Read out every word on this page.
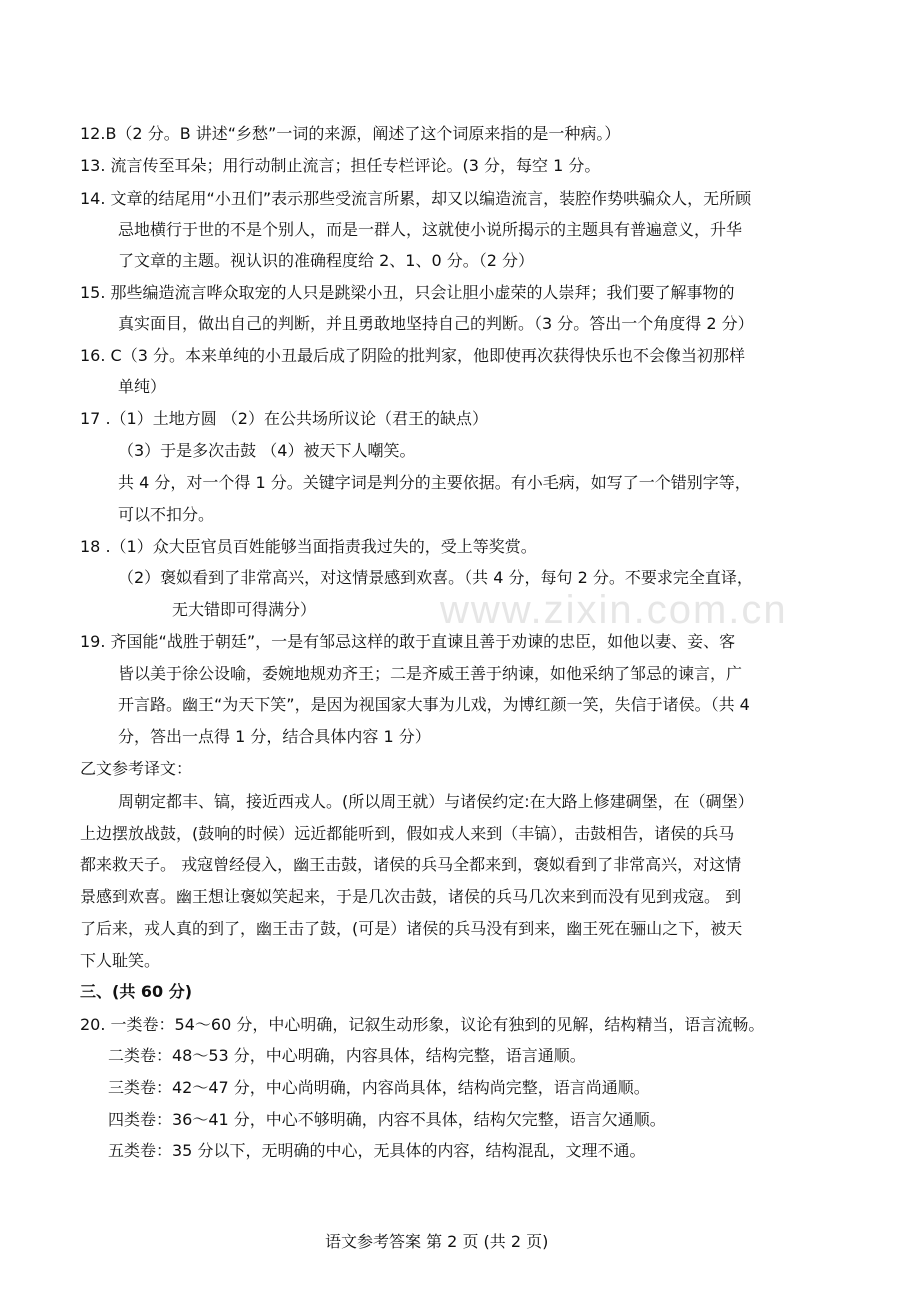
www.zixin.com.cn
12.B（2 分。B 讲述“乡愁”一词的来源，阐述了这个词原来指的是一种病。）
13. 流言传至耳朵；用行动制止流言；担任专栏评论。(3 分，每空 1 分。
14. 文章的结尾用“小丑们”表示那些受流言所累，却又以编造流言，装腔作势哄骗众人，无所顾
忌地横行于世的不是个别人，而是一群人，这就使小说所揭示的主题具有普遍意义，升华
了文章的主题。视认识的准确程度给 2、1、0 分。（2 分）
15. 那些编造流言哗众取宠的人只是跳梁小丑，只会让胆小虚荣的人崇拜；我们要了解事物的
真实面目，做出自己的判断，并且勇敢地坚持自己的判断。（3 分。答出一个角度得 2 分）
16. C（3 分。本来单纯的小丑最后成了阴险的批判家，他即使再次获得快乐也不会像当初那样
单纯）
17 .（1）土地方圆 （2）在公共场所议论（君王的缺点）
（3）于是多次击鼓 （4）被天下人嘲笑。
共 4 分，对一个得 1 分。关键字词是判分的主要依据。有小毛病，如写了一个错别字等，
可以不扣分。
18 .（1）众大臣官员百姓能够当面指责我过失的，受上等奖赏。
（2）褒姒看到了非常高兴，对这情景感到欢喜。（共 4 分，每句 2 分。不要求完全直译，
无大错即可得满分）
19. 齐国能“战胜于朝廷”，一是有邹忌这样的敢于直谏且善于劝谏的忠臣，如他以妻、妾、客
皆以美于徐公设喻，委婉地规劝齐王；二是齐威王善于纳谏，如他采纳了邹忌的谏言，广
开言路。幽王“为天下笑”，是因为视国家大事为儿戏，为博红颜一笑，失信于诸侯。（共 4
分，答出一点得 1 分，结合具体内容 1 分）
乙文参考译文：
周朝定都丰、镐，接近西戎人。(所以周王就）与诸侯约定:在大路上修建碉堡，在（碉堡）
上边摆放战鼓，(鼓响的时候）远近都能听到，假如戎人来到（丰镐），击鼓相告，诸侯的兵马
都来救天子。 戎寇曾经侵入，幽王击鼓，诸侯的兵马全都来到，褒姒看到了非常高兴，对这情
景感到欢喜。幽王想让褒姒笑起来，于是几次击鼓，诸侯的兵马几次来到而没有见到戎寇。 到
了后来，戎人真的到了，幽王击了鼓，(可是）诸侯的兵马没有到来，幽王死在骊山之下，被天
下人耻笑。
三、(共 60 分)
20. 一类卷：54～60 分，中心明确，记叙生动形象，议论有独到的见解，结构精当，语言流畅。
二类卷：48～53 分，中心明确，内容具体，结构完整，语言通顺。
三类卷：42～47 分，中心尚明确，内容尚具体，结构尚完整，语言尚通顺。
四类卷：36～41 分，中心不够明确，内容不具体，结构欠完整，语言欠通顺。
五类卷：35 分以下，无明确的中心，无具体的内容，结构混乱，文理不通。
语文参考答案 第 2 页 (共 2 页)
